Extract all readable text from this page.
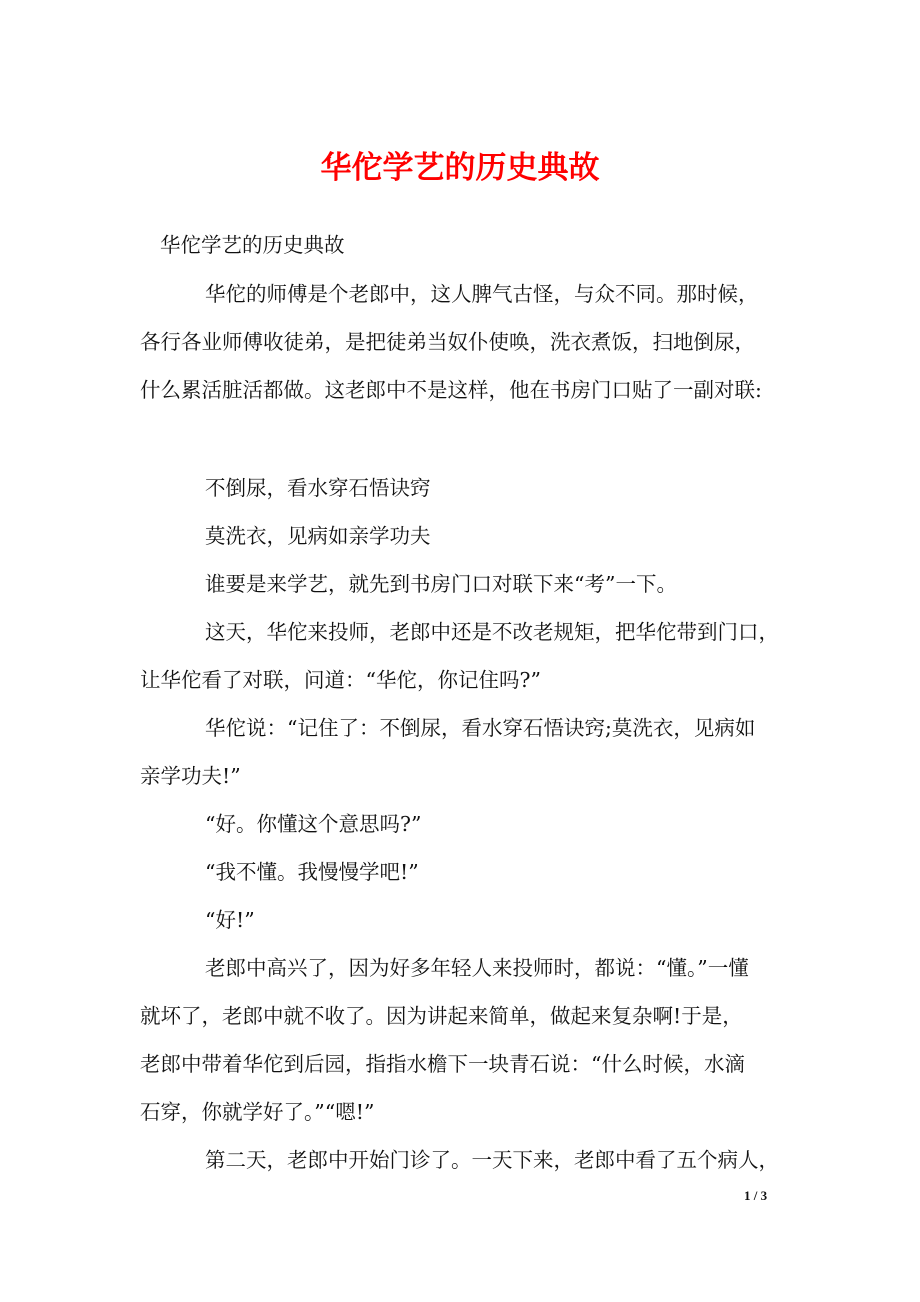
华佗学艺的历史典故
华佗学艺的历史典故
华佗的师傅是个老郎中，这人脾气古怪，与众不同。那时候，
各行各业师傅收徒弟，是把徒弟当奴仆使唤，洗衣煮饭，扫地倒尿，
什么累活脏活都做。这老郎中不是这样，他在书房门口贴了一副对联:
不倒尿，看水穿石悟诀窍
莫洗衣，见病如亲学功夫
谁要是来学艺，就先到书房门口对联下来“考”一下。
这天，华佗来投师，老郎中还是不改老规矩，把华佗带到门口，
让华佗看了对联，问道：“华佗，你记住吗?”
华佗说：“记住了：不倒尿，看水穿石悟诀窍;莫洗衣，见病如
亲学功夫!”
“好。你懂这个意思吗?”
“我不懂。我慢慢学吧!”
“好!”
老郎中高兴了，因为好多年轻人来投师时，都说：“懂。”一懂
就坏了，老郎中就不收了。因为讲起来简单，做起来复杂啊!于是，
老郎中带着华佗到后园，指指水檐下一块青石说：“什么时候，水滴
石穿，你就学好了。”“嗯!”
第二天，老郎中开始门诊了。一天下来，老郎中看了五个病人，
1 / 3
